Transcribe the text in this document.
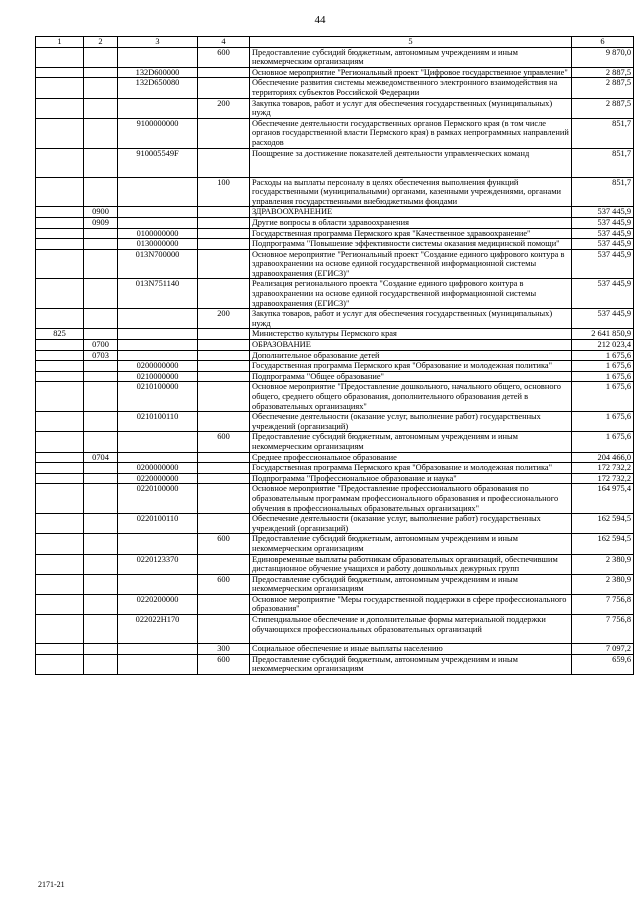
44
1	2	3	4	5	6
			600	Предоставление субсидий бюджетным, автономным учреждениям и иным некоммерческим организациям	9 870,0
		132D600000		Основное мероприятие "Региональный проект "Цифровое государственное управление"	2 887,5
		132D650080		Обеспечение развития системы межведомственного электронного взаимодействия на территориях субъектов Российской Федерации	2 887,5
			200	Закупка товаров, работ и услуг для обеспечения государственных (муниципальных) нужд	2 887,5
		9100000000		Обеспечение деятельности государственных органов Пермского края (в том числе органов государственной власти Пермского края) в рамках непрограммных направлений расходов	851,7
		910005549F		Поощрение за достижение показателей деятельности управленческих команд	851,7
			100	Расходы на выплаты персоналу в целях обеспечения выполнения функций государственными (муниципальными) органами, казенными учреждениями, органами управления государственными внебюджетными фондами	851,7
	0900			ЗДРАВООХРАНЕНИЕ	537 445,9
	0909			Другие вопросы в области здравоохранения	537 445,9
		0100000000		Государственная программа Пермского края "Качественное здравоохранение"	537 445,9
		0130000000		Подпрограмма "Повышение эффективности системы оказания медицинской помощи"	537 445,9
		013N700000		Основное мероприятие "Региональный проект "Создание единого цифрового контура в здравоохранении на основе единой государственной информационной системы здравоохранения (ЕГИСЗ)"	537 445,9
		013N751140		Реализация регионального проекта "Создание единого цифрового контура в здравоохранении на основе единой государственной информационной системы здравоохранения (ЕГИСЗ)"	537 445,9
			200	Закупка товаров, работ и услуг для обеспечения государственных (муниципальных) нужд	537 445,9
825				Министерство культуры Пермского края	2 641 850,9
	0700			ОБРАЗОВАНИЕ	212 023,4
	0703			Дополнительное образование детей	1 675,6
		0200000000		Государственная программа Пермского края "Образование и молодежная политика"	1 675,6
		0210000000		Подпрограмма "Общее образование"	1 675,6
		0210100000		Основное мероприятие "Предоставление дошкольного, начального общего, основного общего, среднего общего образования, дополнительного образования детей в образовательных организациях"	1 675,6
		0210100110		Обеспечение деятельности (оказание услуг, выполнение работ) государственных учреждений (организаций)	1 675,6
			600	Предоставление субсидий бюджетным, автономным учреждениям и иным некоммерческим организациям	1 675,6
	0704			Среднее профессиональное образование	204 466,0
		0200000000		Государственная программа Пермского края "Образование и молодежная политика"	172 732,2
		0220000000		Подпрограмма "Профессиональное образование и наука"	172 732,2
		0220100000		Основное мероприятие "Предоставление профессионального образования по образовательным программам профессионального образования и профессионального обучения в профессиональных образовательных организациях"	164 975,4
		0220100110		Обеспечение деятельности (оказание услуг, выполнение работ) государственных учреждений (организаций)	162 594,5
			600	Предоставление субсидий бюджетным, автономным учреждениям и иным некоммерческим организациям	162 594,5
		0220123370		Единовременные выплаты работникам образовательных организаций, обеспечившим дистанционное обучение учащихся и работу дошкольных дежурных групп	2 380,9
			600	Предоставление субсидий бюджетным, автономным учреждениям и иным некоммерческим организациям	2 380,9
		0220200000		Основное мероприятие "Меры государственной поддержки в сфере профессионального образования"	7 756,8
		022022Н170		Стипендиальное обеспечение и дополнительные формы материальной поддержки обучающихся профессиональных образовательных организаций	7 756,8
			300	Социальное обеспечение и иные выплаты населению	7 097,2
			600	Предоставление субсидий бюджетным, автономным учреждениям и иным некоммерческим организациям	659,6
2171-21
